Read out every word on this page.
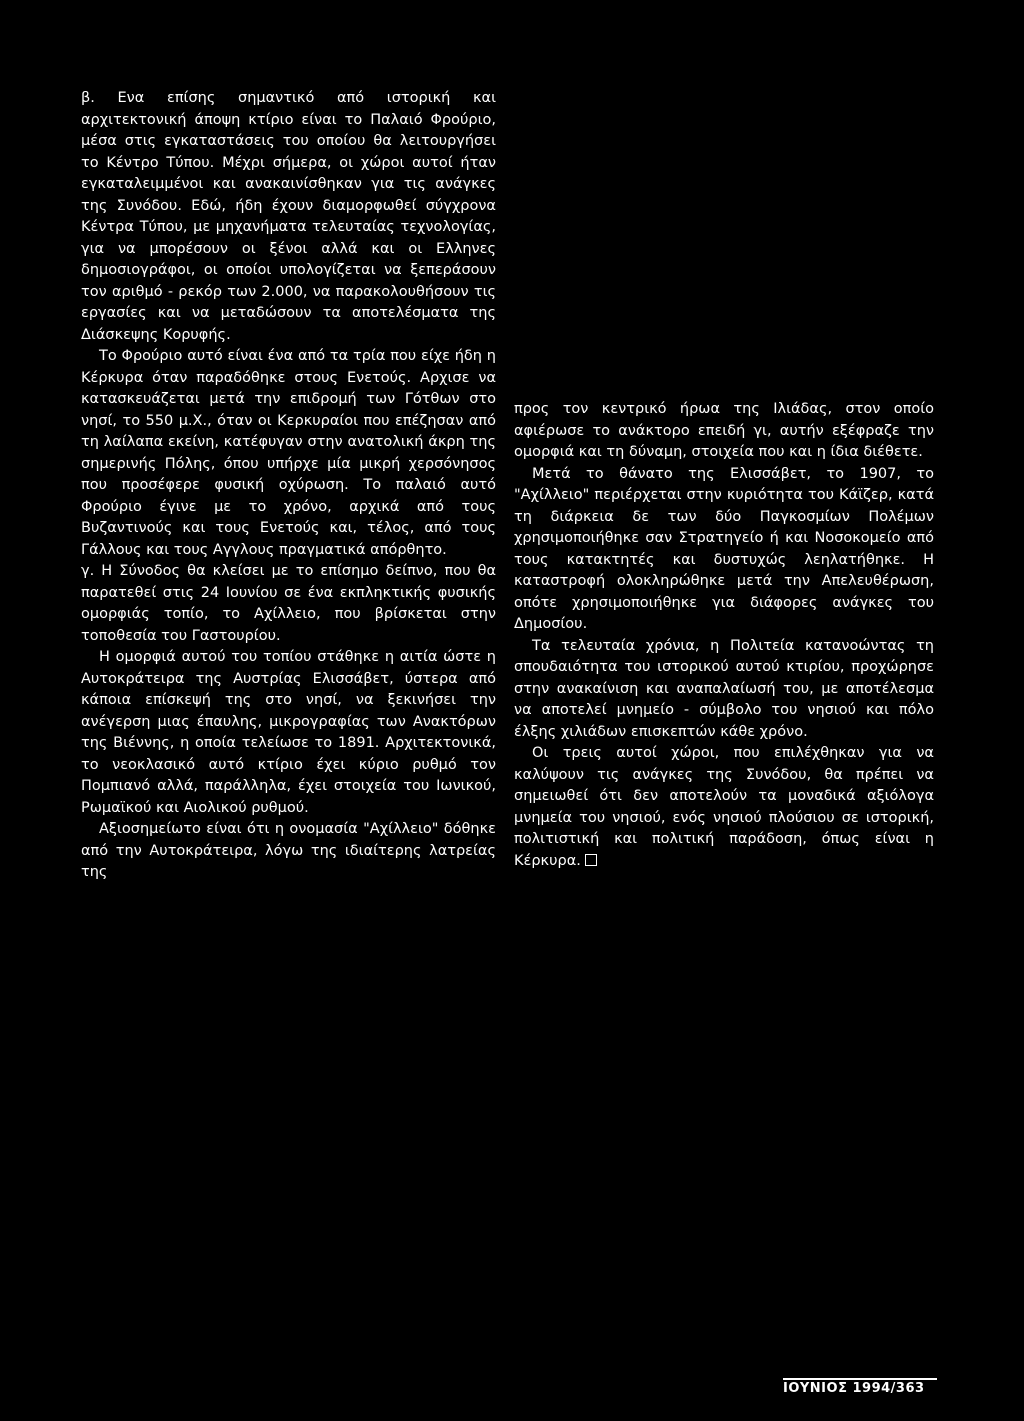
β. Ενα επίσης σημαντικό από ιστορική και αρχιτεκτονική άποψη κτίριο είναι το Παλαιό Φρούριο, μέσα στις εγκαταστάσεις του οποίου θα λειτουργήσει το Κέντρο Τύπου. Μέχρι σήμερα, οι χώροι αυτοί ήταν εγκαταλειμμένοι και ανακαινίσθηκαν για τις ανάγκες της Συνόδου. Εδώ, ήδη έχουν διαμορφωθεί σύγχρονα Κέντρα Τύπου, με μηχανήματα τελευταίας τεχνολογίας, για να μπορέσουν οι ξένοι αλλά και οι Ελληνες δημοσιογράφοι, οι οποίοι υπολογίζεται να ξεπεράσουν τον αριθμό - ρεκόρ των 2.000, να παρακολουθήσουν τις εργασίες και να μεταδώσουν τα αποτελέσματα της Διάσκεψης Κορυφής.

Το Φρούριο αυτό είναι ένα από τα τρία που είχε ήδη η Κέρκυρα όταν παραδόθηκε στους Ενετούς. Αρχισε να κατασκευάζεται μετά την επιδρομή των Γότθων στο νησί, το 550 μ.Χ., όταν οι Κερκυραίοι που επέζησαν από τη λαίλαπα εκείνη, κατέφυγαν στην ανατολική άκρη της σημερινής Πόλης, όπου υπήρχε μία μικρή χερσόνησος που προσέφερε φυσική οχύρωση. Το παλαιό αυτό Φρούριο έγινε με το χρόνο, αρχικά από τους Βυζαντινούς και τους Ενετούς και, τέλος, από τους Γάλλους και τους Αγγλους πραγματικά απόρθητο.

γ. Η Σύνοδος θα κλείσει με το επίσημο δείπνο, που θα παρατεθεί στις 24 Ιουνίου σε ένα εκπληκτικής φυσικής ομορφιάς τοπίο, το Αχίλλειο, που βρίσκεται στην τοποθεσία του Γαστουρίου.

Η ομορφιά αυτού του τοπίου στάθηκε η αιτία ώστε η Αυτοκράτειρα της Αυστρίας Ελισσάβετ, ύστερα από κάποια επίσκεψή της στο νησί, να ξεκινήσει την ανέγερση μιας έπαυλης, μικρογραφίας των Ανακτόρων της Βιέννης, η οποία τελείωσε το 1891. Αρχιτεκτονικά, το νεοκλασικό αυτό κτίριο έχει κύριο ρυθμό τον Πομπιανό αλλά, παράλληλα, έχει στοιχεία του Ιωνικού, Ρωμαϊκού και Αιολικού ρυθμού.

Αξιοσημείωτο είναι ότι η ονομασία "Αχίλλειο" δόθηκε από την Αυτοκράτειρα, λόγω της ιδιαίτερης λατρείας της

προς τον κεντρικό ήρωα της Ιλιάδας, στον οποίο αφιέρωσε το ανάκτορο επειδή γι, αυτήν εξέφραζε την ομορφιά και τη δύναμη, στοιχεία που και η ίδια διέθετε.

Μετά το θάνατο της Ελισσάβετ, το 1907, το "Αχίλλειο" περιέρχεται στην κυριότητα του Κάϊζερ, κατά τη διάρκεια δε των δύο Παγκοσμίων Πολέμων χρησιμοποιήθηκε σαν Στρατηγείο ή και Νοσοκομείο από τους κατακτητές και δυστυχώς λεηλατήθηκε. Η καταστροφή ολοκληρώθηκε μετά την Απελευθέρωση, οπότε χρησιμοποιήθηκε για διάφορες ανάγκες του Δημοσίου.

Τα τελευταία χρόνια, η Πολιτεία κατανοώντας τη σπουδαιότητα του ιστορικού αυτού κτιρίου, προχώρησε στην ανακαίνιση και αναπαλαίωσή του, με αποτέλεσμα να αποτελεί μνημείο - σύμβολο του νησιού και πόλο έλξης χιλιάδων επισκεπτών κάθε χρόνο.

Οι τρεις αυτοί χώροι, που επιλέχθηκαν για να καλύψουν τις ανάγκες της Συνόδου, θα πρέπει να σημειωθεί ότι δεν αποτελούν τα μοναδικά αξιόλογα μνημεία του νησιού, ενός νησιού πλούσιου σε ιστορική, πολιτιστική και πολιτική παράδοση, όπως είναι η Κέρκυρα.

ΙΟΥΝΙΟΣ 1994/363
